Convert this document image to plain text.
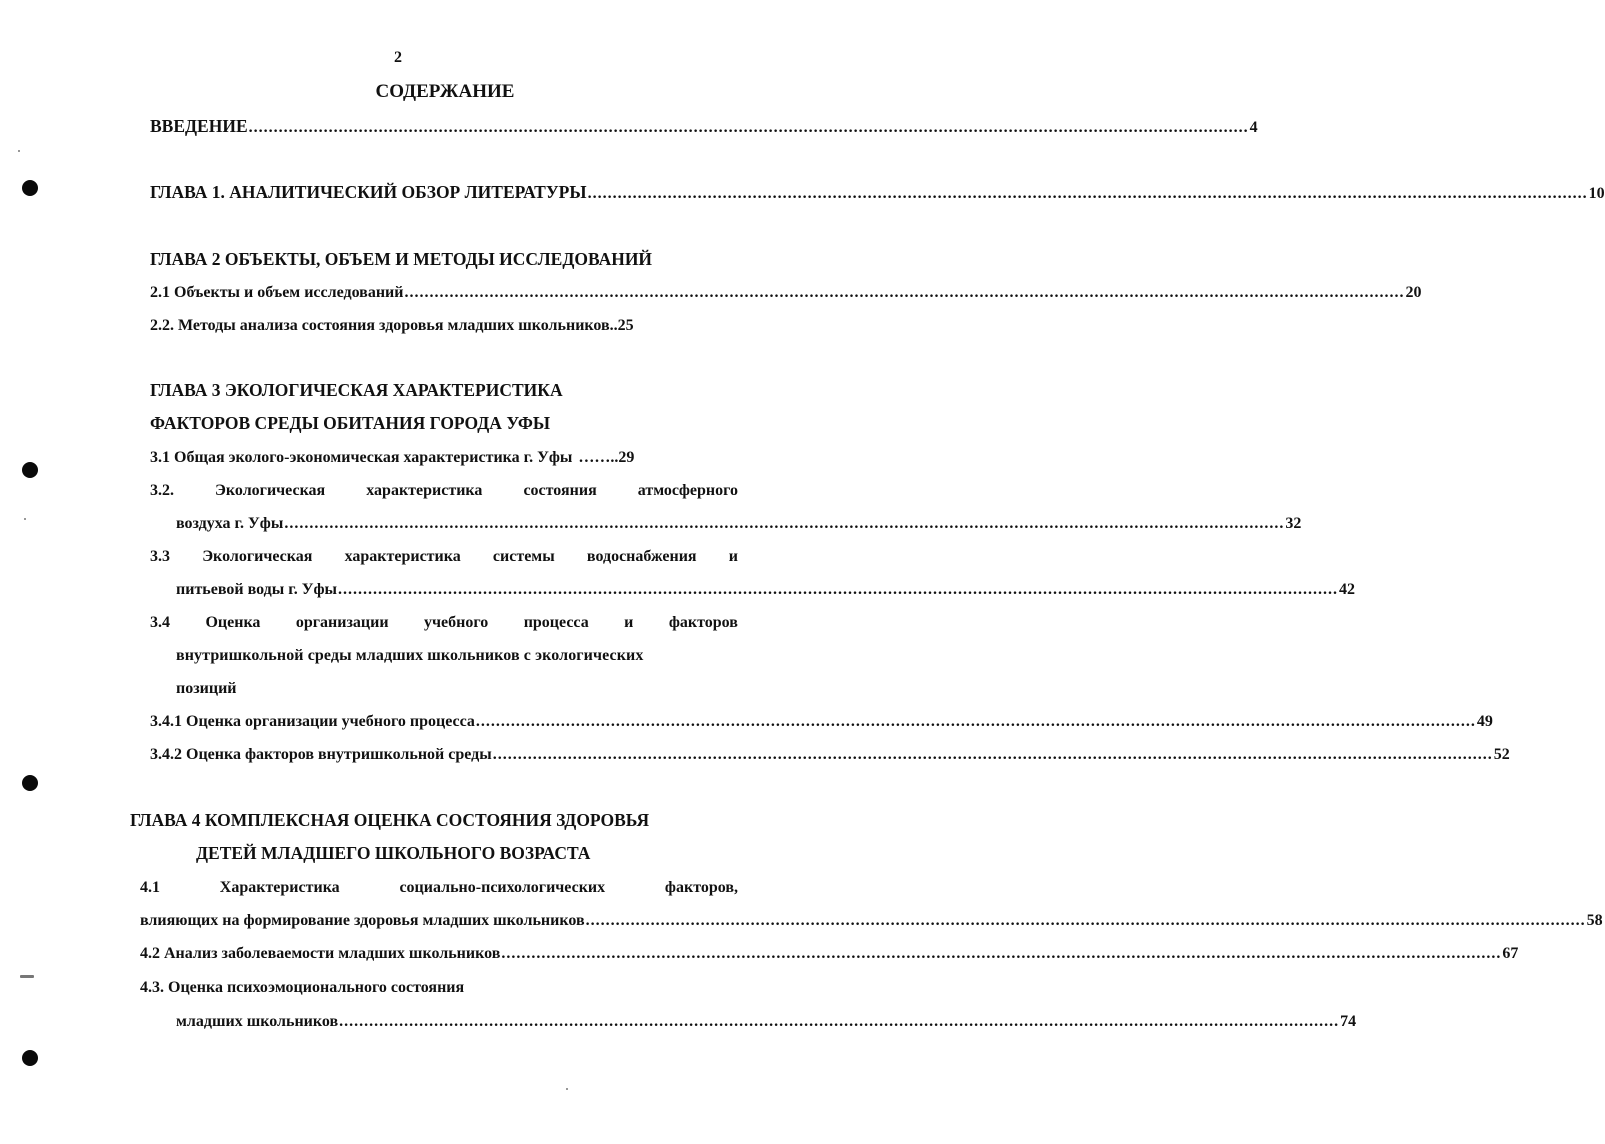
2
СОДЕРЖАНИЕ
ВВЕДЕНИЕ ........................................................................................................................................................................................................ 4
ГЛАВА 1. АНАЛИТИЧЕСКИЙ ОБЗОР ЛИТЕРАТУРЫ ........................................................................................................................................................................................................ 10
ГЛАВА 2 ОБЪЕКТЫ, ОБЪЕМ И МЕТОДЫ ИССЛЕДОВАНИЙ
2.1 Объекты и объем исследований ........................................................................................................................................................................................................ 20
2.2. Методы анализа состояния здоровья младших школьников.. 25
ГЛАВА 3 ЭКОЛОГИЧЕСКАЯ ХАРАКТЕРИСТИКА
ФАКТОРОВ СРЕДЫ ОБИТАНИЯ ГОРОДА УФЫ
3.1 Общая эколого-экономическая характеристика г. Уфы …….. 29
3.2.	Экологическая	характеристика	состояния	атмосферного
воздуха г. Уфы ........................................................................................................................................................................................................ 32
3.3 Экологическая характеристика системы водоснабжения и
питьевой воды г. Уфы ........................................................................................................................................................................................................ 42
3.4 Оценка организации учебного процесса и факторов
внутришкольной среды младших школьников с экологических
позиций
3.4.1 Оценка организации учебного процесса ........................................................................................................................................................................................................ 49
3.4.2 Оценка факторов внутришкольной среды ........................................................................................................................................................................................................ 52
ГЛАВА 4 КОМПЛЕКСНАЯ ОЦЕНКА СОСТОЯНИЯ ЗДОРОВЬЯ
ДЕТЕЙ МЛАДШЕГО ШКОЛЬНОГО ВОЗРАСТА
4.1	Характеристика	социально-психологических	факторов,
влияющих на формирование здоровья младших школьников ........................................................................................................................................................................................................ 58
4.2 Анализ заболеваемости младших школьников ........................................................................................................................................................................................................ 67
4.3. Оценка психоэмоционального состояния
младших школьников ........................................................................................................................................................................................................ 74
